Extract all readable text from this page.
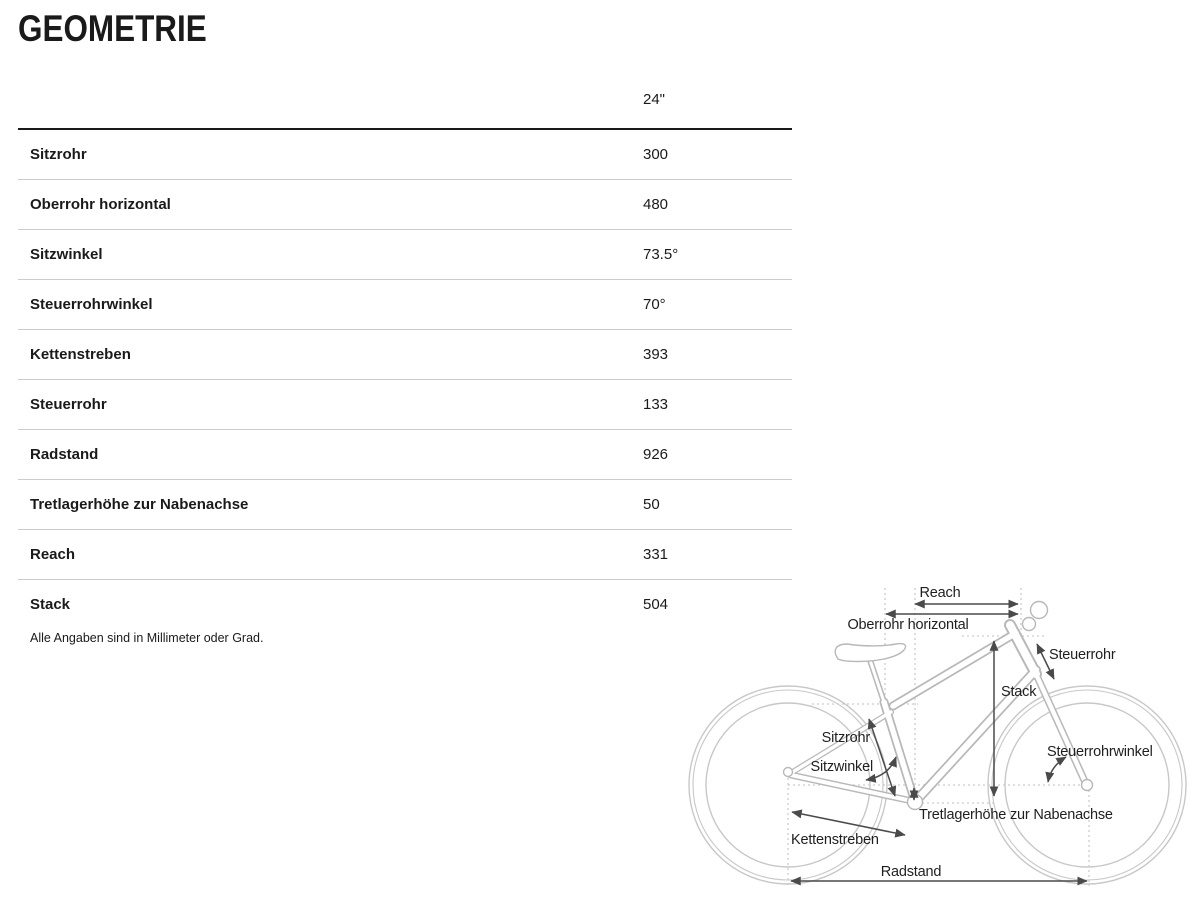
GEOMETRIE
24"
Sitzrohr	300
Oberrohr horizontal	480
Sitzwinkel	73.5°
Steuerrohrwinkel	70°
Kettenstreben	393
Steuerrohr	133
Radstand	926
Tretlagerhöhe zur Nabenachse	50
Reach	331
Stack	504
Alle Angaben sind in Millimeter oder Grad.
Reach
Oberrohr horizontal
Steuerrohr
Stack
Sitzrohr
Sitzwinkel
Steuerrohrwinkel
Tretlagerhöhe zur Nabenachse
Kettenstreben
Radstand
